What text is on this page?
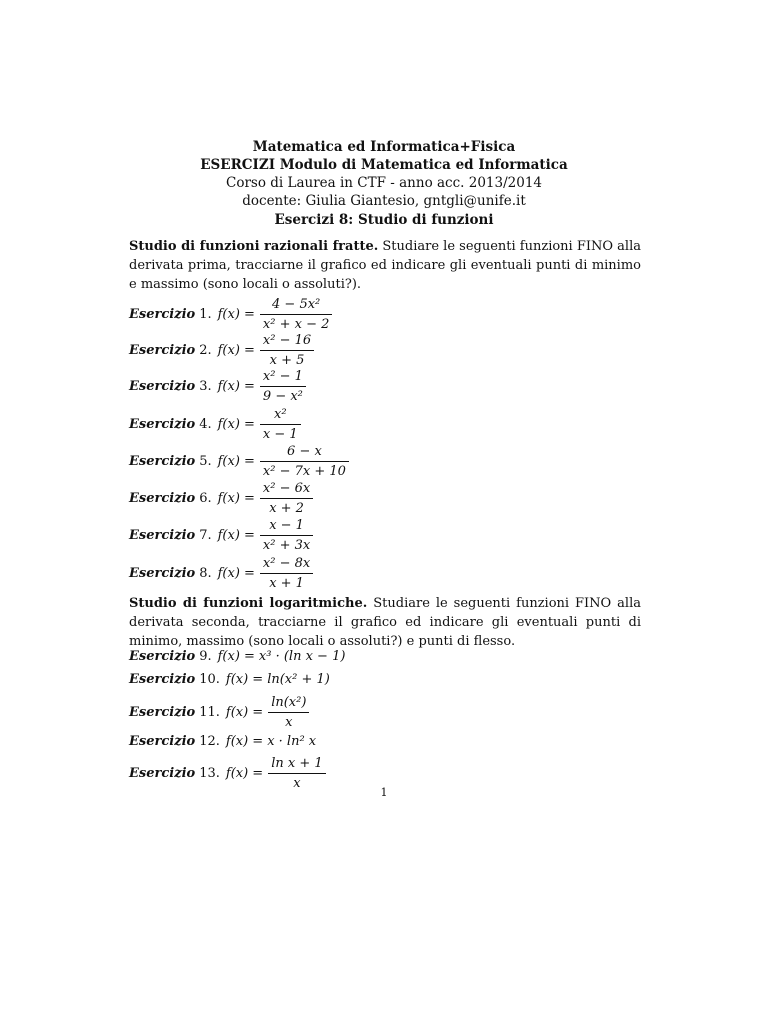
Matematica ed Informatica+Fisica
ESERCIZI Modulo di Matematica ed Informatica
Corso di Laurea in CTF - anno acc. 2013/2014
docente: Giulia Giantesio, gntgli@unife.it
Esercizi 8: Studio di funzioni
Studio di funzioni razionali fratte. Studiare le seguenti funzioni FINO alla derivata prima, tracciarne il grafico ed indicare gli eventuali punti di minimo e massimo (sono locali o assoluti?).
Esercizio 1. $f(x) = \frac{\text{4 − 5x²}}{\text{x² + x − 2}}$
Esercizio 2. $f(x) = \frac{\text{x² − 16}}{x + 5}$
Esercizio 3. $f(x) = \frac{\text{x² − 1}}{\text{9 − x²}}$
Esercizio 4. $f(x) = \frac{\text{x²}}{x - 1}$
Esercizio 5. $f(x) = \frac{6 - x}{\text{x² − 7x + 10}}$
Esercizio 6. $f(x) = \frac{\text{x² − 6x}}{x + 2}$
Esercizio 7. $f(x) = \frac{x - 1}{\text{x² + 3x}}$
Esercizio 8. $f(x) = \frac{\text{x² − 8x}}{x + 1}$
Studio di funzioni logaritmiche. Studiare le seguenti funzioni FINO alla derivata seconda, tracciarne il grafico ed indicare gli eventuali punti di minimo, massimo (sono locali o assoluti?) e punti di flesso.
Esercizio 9. f(x) = x³ · (ln x − 1)
Esercizio 10. f(x) = ln(x² + 1)
Esercizio 11. $f(x) = \frac{\text{ln(x²)}}{x}$
Esercizio 12. f(x) = x · ln² x
Esercizio 13. $f(x) = \frac{\text{ln x + 1}}{x}$
1
